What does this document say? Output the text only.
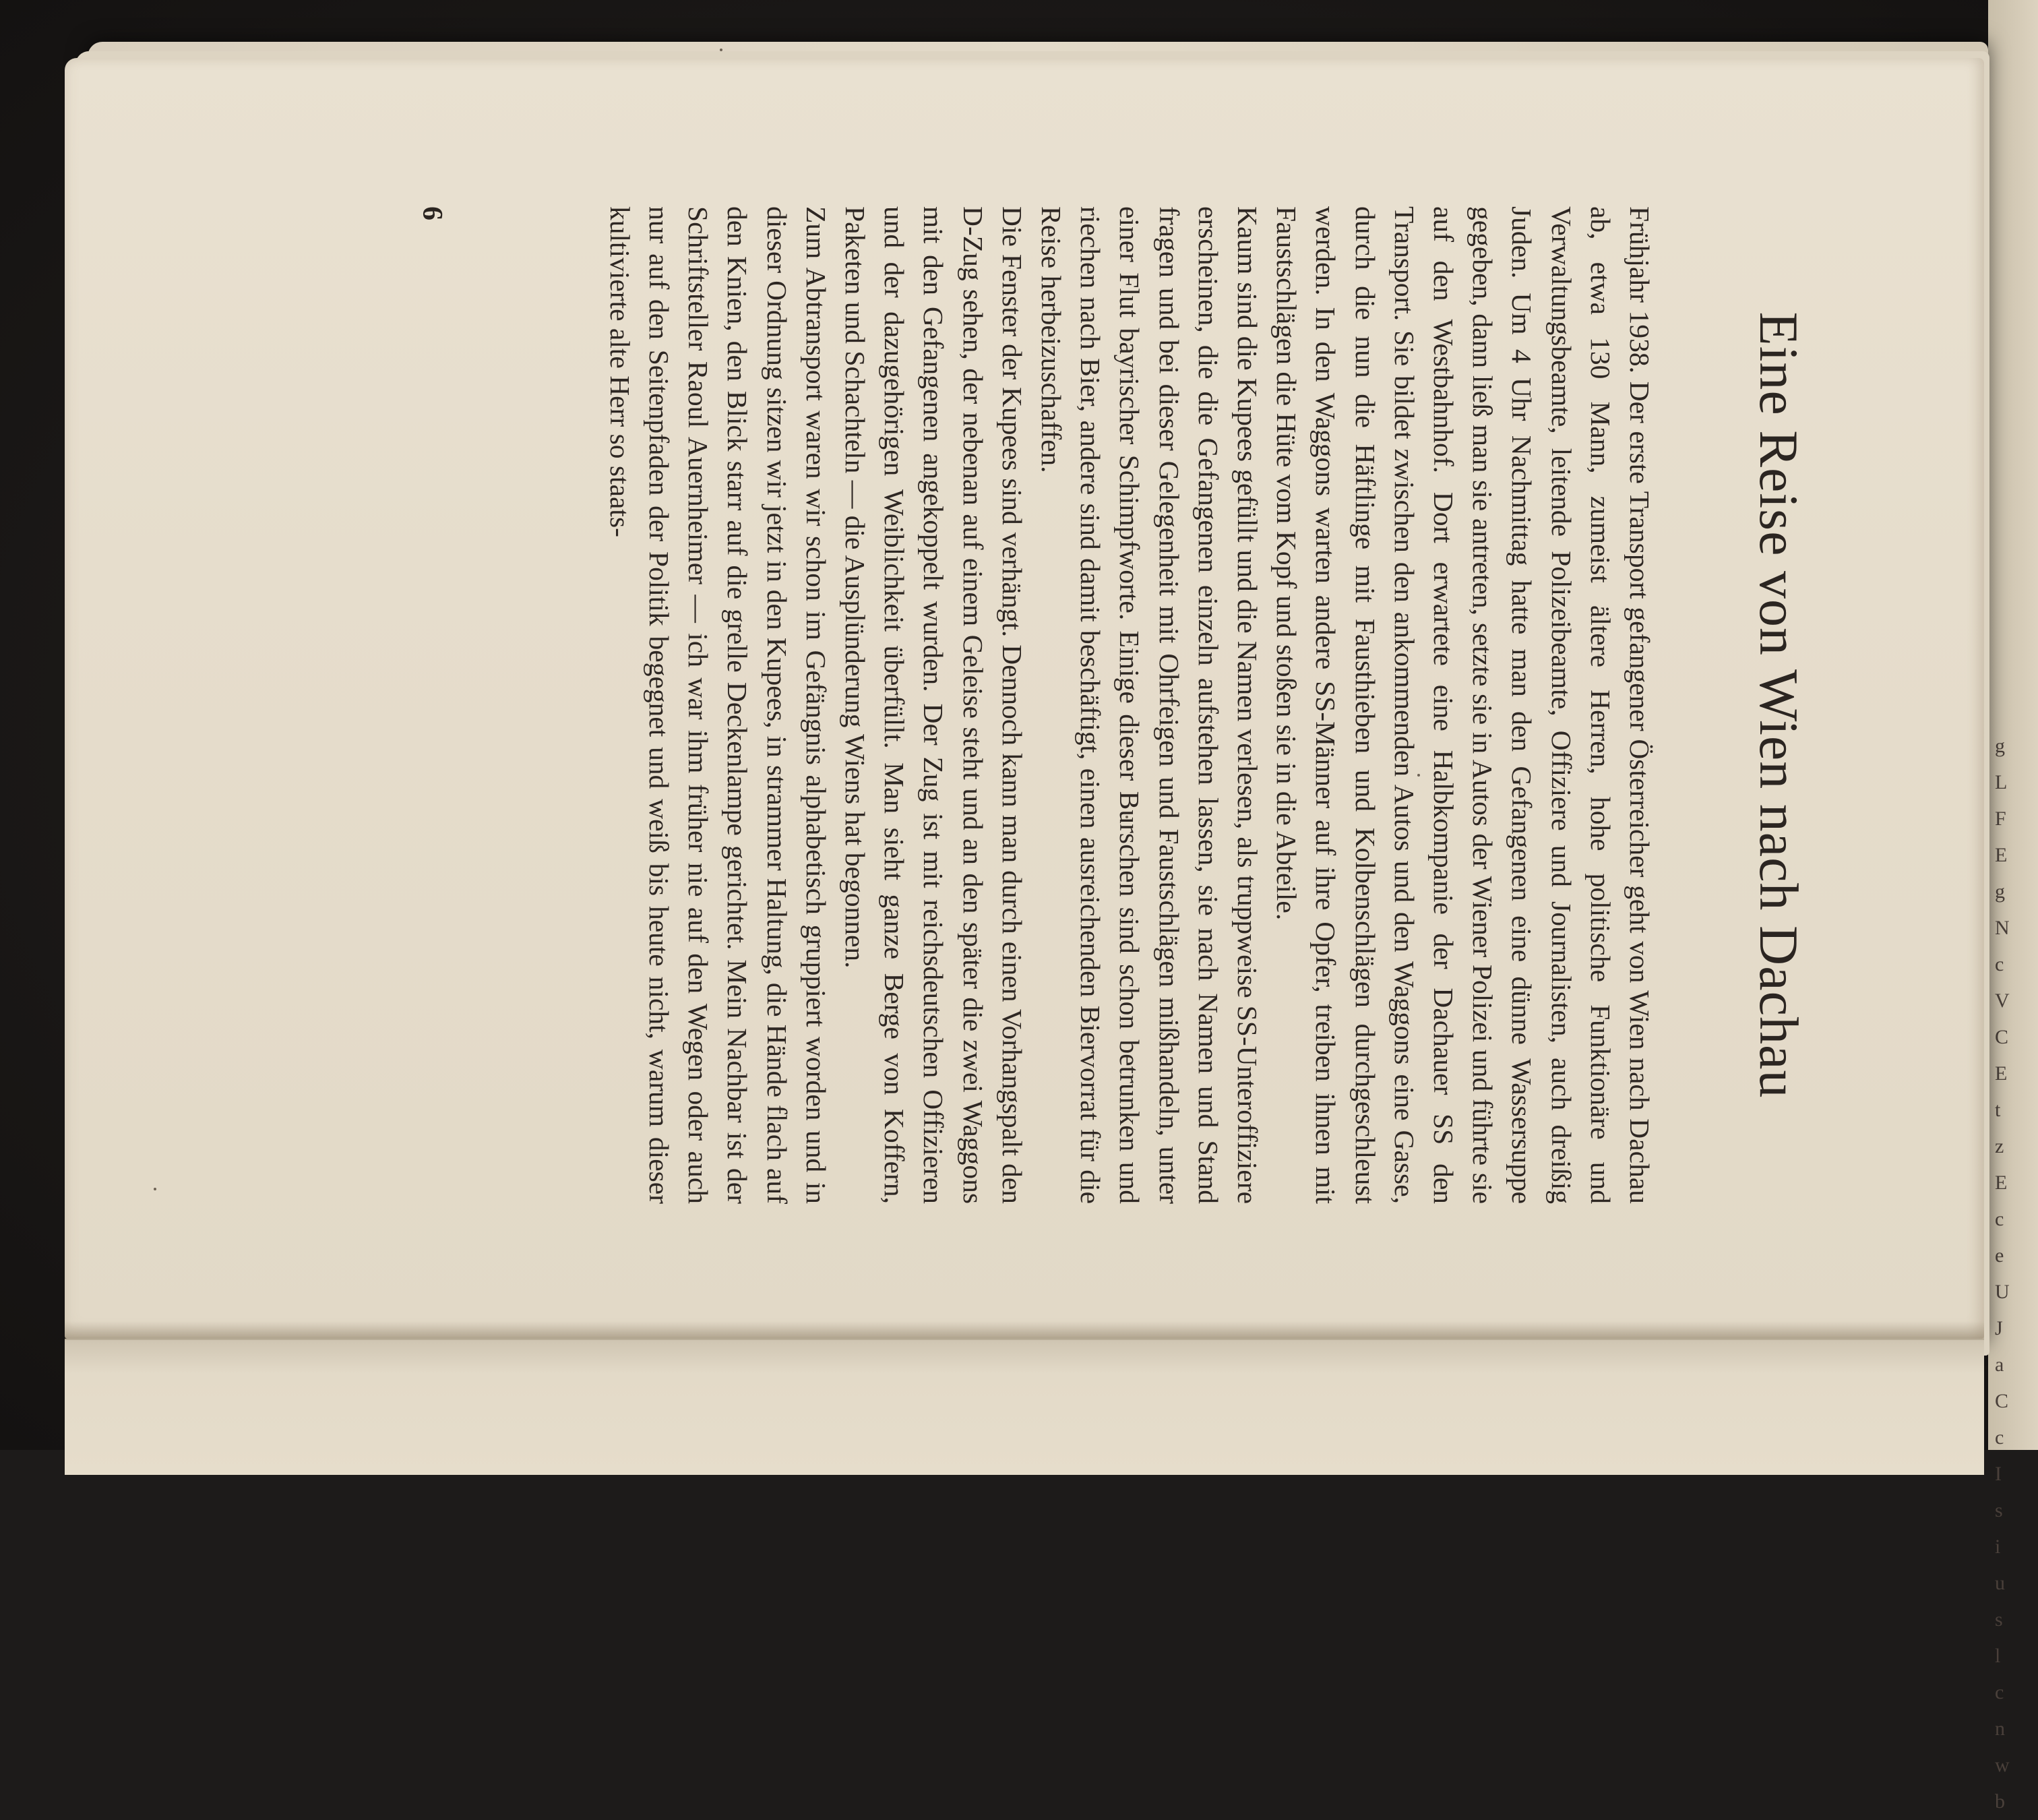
g
L
F
E
g
N
c
V
C
E
t
z
E
c
e
U
J
a
C
c
I
s
i
u
s
l
c
n
w
b
Eine Reise von Wien nach Dachau

Frühjahr 1938. Der erste Transport gefangener Österreicher geht von Wien nach Dachau ab, etwa 130 Mann, zumeist ältere Herren, hohe politische Funktionäre und Verwaltungsbeamte, leitende Polizeibeamte, Offiziere und Journalisten, auch dreißig Juden. Um 4 Uhr Nachmittag hatte man den Gefangenen eine dünne Wassersuppe gegeben, dann ließ man sie antreten, setzte sie in Autos der Wiener Polizei und führte sie auf den Westbahnhof. Dort erwartete eine Halbkompanie der Dachauer SS den Transport. Sie bildet zwischen den ankommenden Autos und den Waggons eine Gasse, durch die nun die Häftlinge mit Fausthieben und Kolbenschlägen durchgeschleust werden. In den Waggons warten andere SS-Männer auf ihre Opfer, treiben ihnen mit Faustschlägen die Hüte vom Kopf und stoßen sie in die Abteile.

Kaum sind die Kupees gefüllt und die Namen verlesen, als truppweise SS-Unteroffiziere erscheinen, die die Gefangenen einzeln aufstehen lassen, sie nach Namen und Stand fragen und bei dieser Gelegenheit mit Ohrfeigen und Faustschlägen mißhandeln, unter einer Flut bayrischer Schimpfworte. Einige dieser Burschen sind schon betrunken und riechen nach Bier, andere sind damit beschäftigt, einen ausreichenden Biervorrat für die Reise herbeizuschaffen.

Die Fenster der Kupees sind verhängt. Dennoch kann man durch einen Vorhangspalt den D-Zug sehen, der nebenan auf einem Geleise steht und an den später die zwei Waggons mit den Gefangenen angekoppelt wurden. Der Zug ist mit reichsdeutschen Offizieren und der dazugehörigen Weiblichkeit überfüllt. Man sieht ganze Berge von Koffern, Paketen und Schachteln — die Ausplünderung Wiens hat begonnen.

Zum Abtransport waren wir schon im Gefängnis alphabetisch gruppiert worden und in dieser Ordnung sitzen wir jetzt in den Kupees, in strammer Haltung, die Hände flach auf den Knien, den Blick starr auf die grelle Deckenlampe gerichtet. Mein Nachbar ist der Schriftsteller Raoul Auernheimer — ich war ihm früher nie auf den Wegen oder auch nur auf den Seitenpfaden der Politik begegnet und weiß bis heute nicht, warum dieser kultivierte alte Herr so staats-

6
